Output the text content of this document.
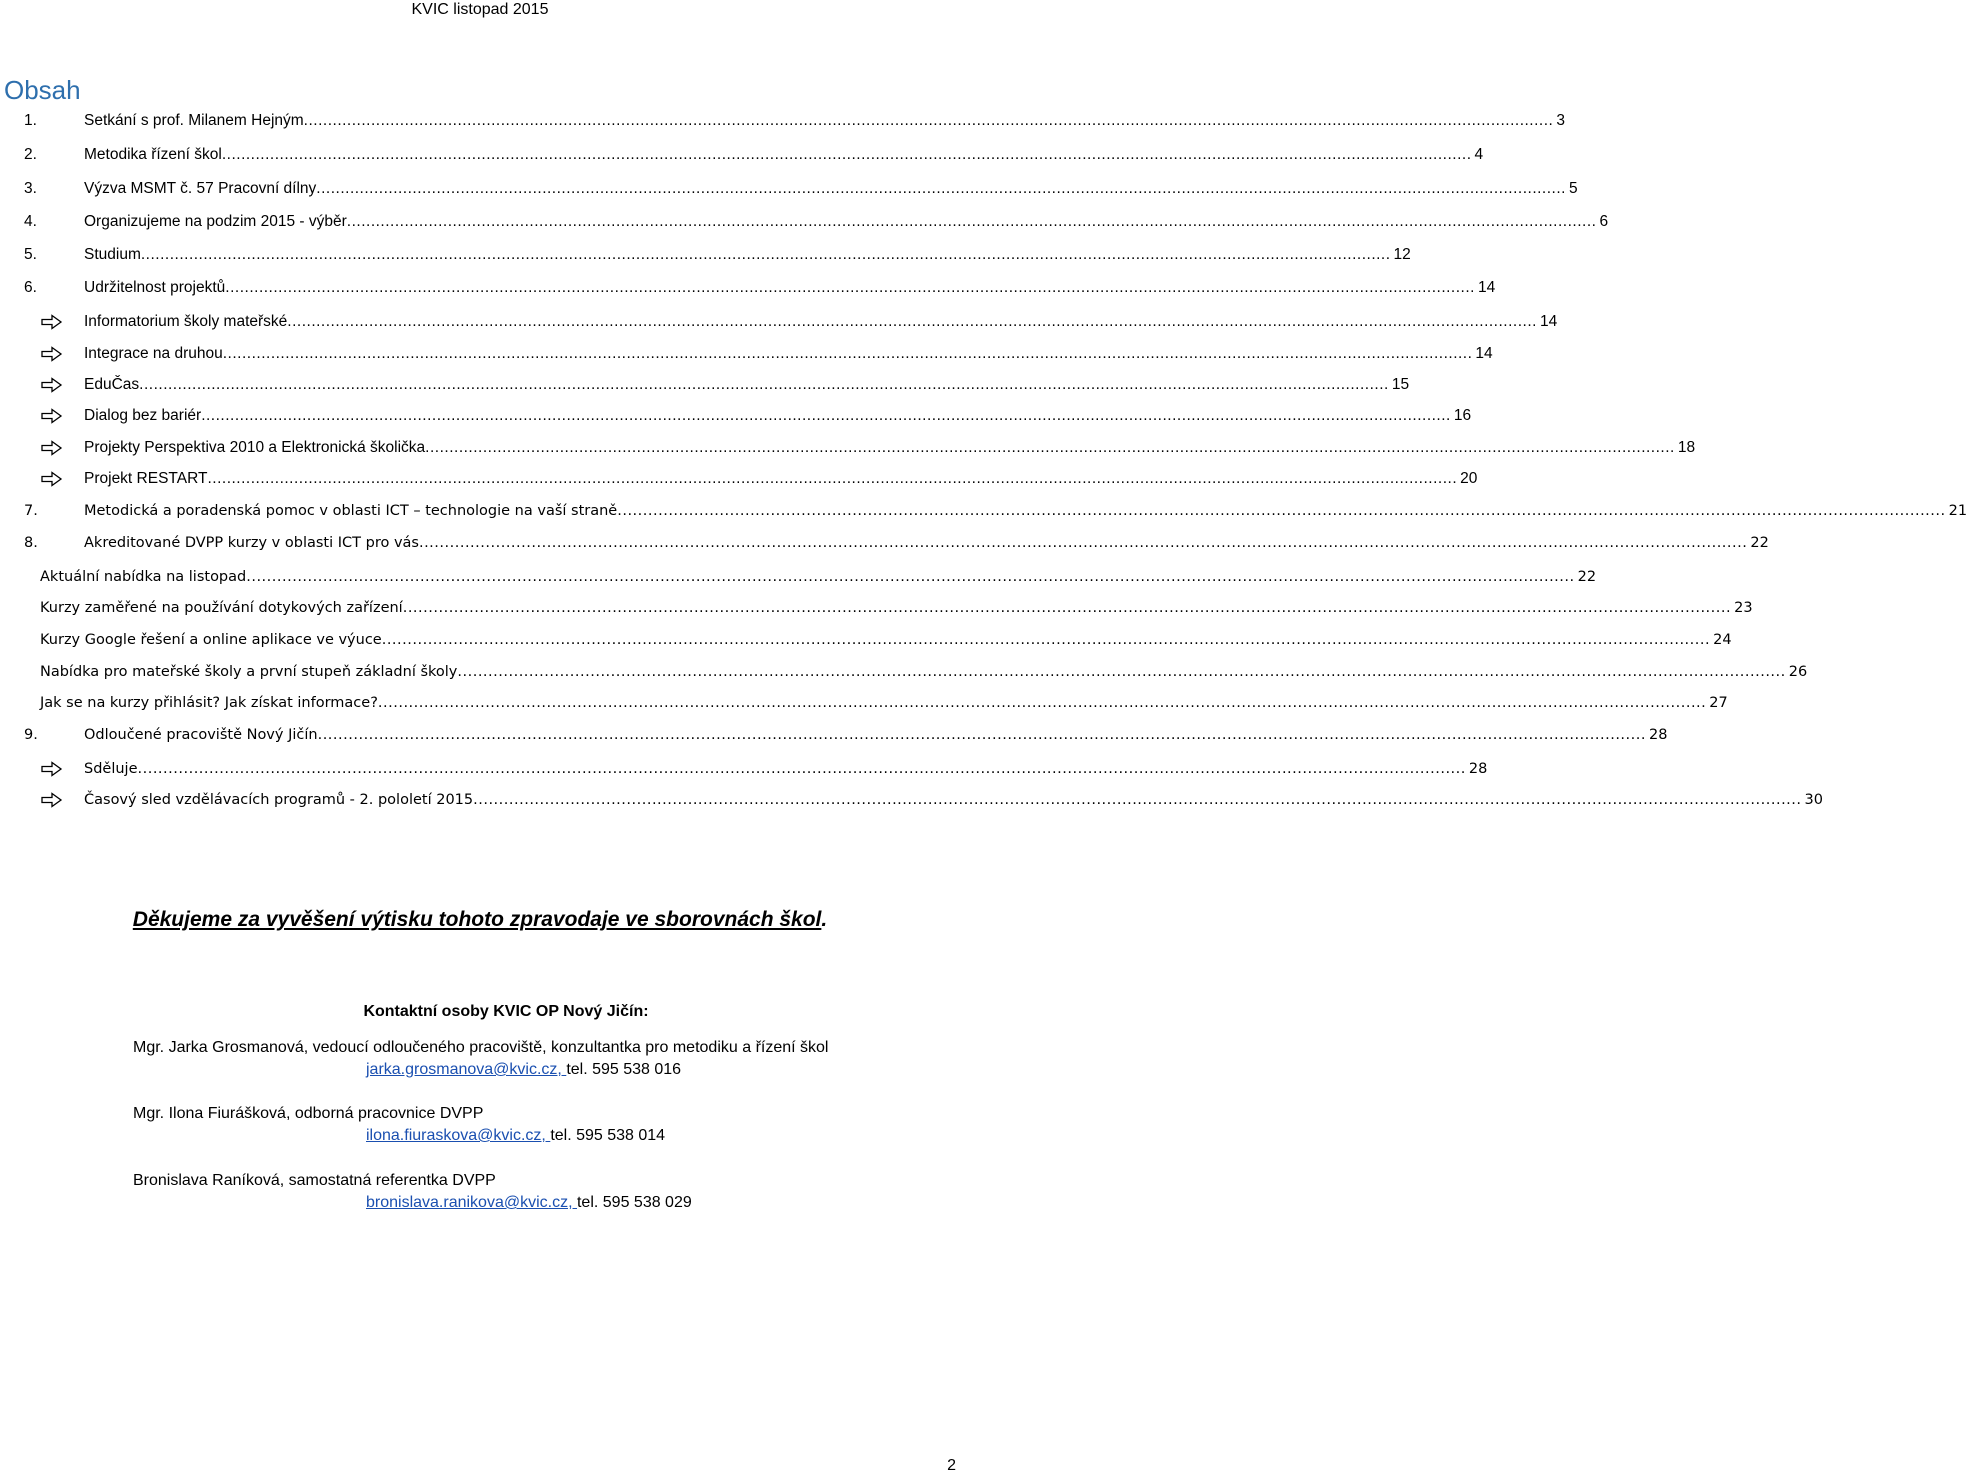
KVIC listopad 2015
Obsah
1.	Setkání s prof. Milanem Hejným .................................................................................................................................................................................................................................................................... 3
2.	Metodika řízení škol .................................................................................................................................................................................................................................................................... 4
3.	Výzva MSMT č. 57 Pracovní dílny .................................................................................................................................................................................................................................................................... 5
4.	Organizujeme na podzim 2015 - výběr .................................................................................................................................................................................................................................................................... 6
5.	Studium .................................................................................................................................................................................................................................................................... 12
6.	Udržitelnost projektů .................................................................................................................................................................................................................................................................... 14
Informatorium školy mateřské .................................................................................................................................................................................................................................................................... 14
Integrace na druhou .................................................................................................................................................................................................................................................................... 14
EduČas .................................................................................................................................................................................................................................................................... 15
Dialog bez bariér .................................................................................................................................................................................................................................................................... 16
Projekty Perspektiva 2010 a Elektronická školička .................................................................................................................................................................................................................................................................... 18
Projekt RESTART .................................................................................................................................................................................................................................................................... 20
7.	Metodická a poradenská pomoc v oblasti ICT – technologie na vaší straně .................................................................................................................................................................................................................................................................... 21
8.	Akreditované DVPP kurzy v oblasti ICT pro vás .................................................................................................................................................................................................................................................................... 22
Aktuální nabídka na listopad .................................................................................................................................................................................................................................................................... 22
Kurzy zaměřené na používání dotykových zařízení .................................................................................................................................................................................................................................................................... 23
Kurzy Google řešení a online aplikace ve výuce .................................................................................................................................................................................................................................................................... 24
Nabídka pro mateřské školy a první stupeň základní školy .................................................................................................................................................................................................................................................................... 26
Jak se na kurzy přihlásit? Jak získat informace? .................................................................................................................................................................................................................................................................... 27
9.	Odloučené pracoviště Nový Jičín .................................................................................................................................................................................................................................................................... 28
Sděluje .................................................................................................................................................................................................................................................................... 28
Časový sled vzdělávacích programů - 2. pololetí 2015 .................................................................................................................................................................................................................................................................... 30
Děkujeme za vyvěšení výtisku tohoto zpravodaje ve sborovnách škol.
Kontaktní osoby KVIC OP Nový Jičín:
Mgr. Jarka Grosmanová, vedoucí odloučeného pracoviště, konzultantka pro metodiku a řízení škol
jarka.grosmanova@kvic.cz, tel. 595 538 016
Mgr. Ilona Fiurášková, odborná pracovnice DVPP
ilona.fiuraskova@kvic.cz, tel. 595 538 014
Bronislava Raníková, samostatná referentka DVPP
bronislava.ranikova@kvic.cz, tel. 595 538 029
2
